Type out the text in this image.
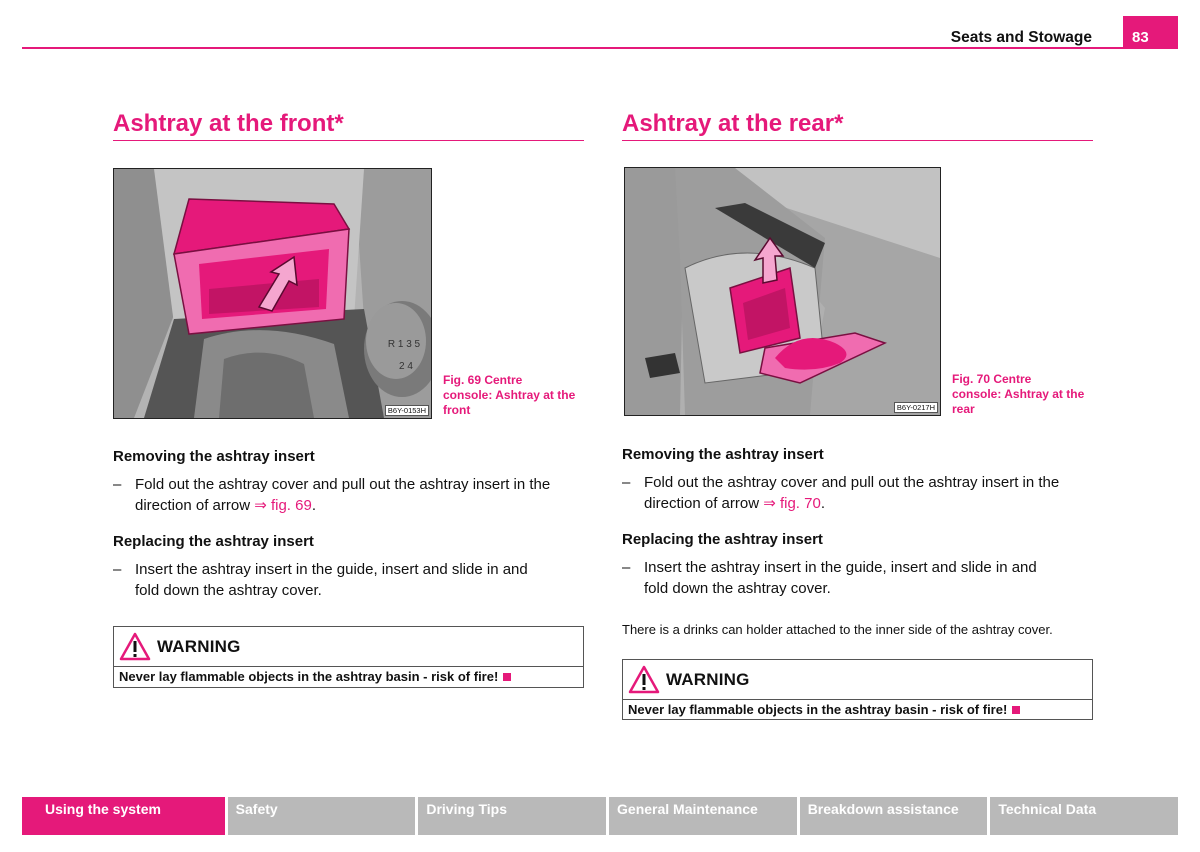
Seats and Stowage	83
Ashtray at the front*
R 1 3 5
2 4
B6Y-0153H
Fig. 69 Centre
console: Ashtray at the
front
Removing the ashtray insert
– Fold out the ashtray cover and pull out the ashtray insert in the
direction of arrow ⇒ fig. 69.
Replacing the ashtray insert
– Insert the ashtray insert in the guide, insert and slide in and
fold down the ashtray cover.
WARNING
Never lay flammable objects in the ashtray basin - risk of fire!
Ashtray at the rear*
B6Y-0217H
Fig. 70 Centre
console: Ashtray at the
rear
Removing the ashtray insert
– Fold out the ashtray cover and pull out the ashtray insert in the
direction of arrow ⇒ fig. 70.
Replacing the ashtray insert
– Insert the ashtray insert in the guide, insert and slide in and
fold down the ashtray cover.
There is a drinks can holder attached to the inner side of the ashtray cover.
WARNING
Never lay flammable objects in the ashtray basin - risk of fire!
Using the system	Safety	Driving Tips	General Maintenance	Breakdown assistance	Technical Data
